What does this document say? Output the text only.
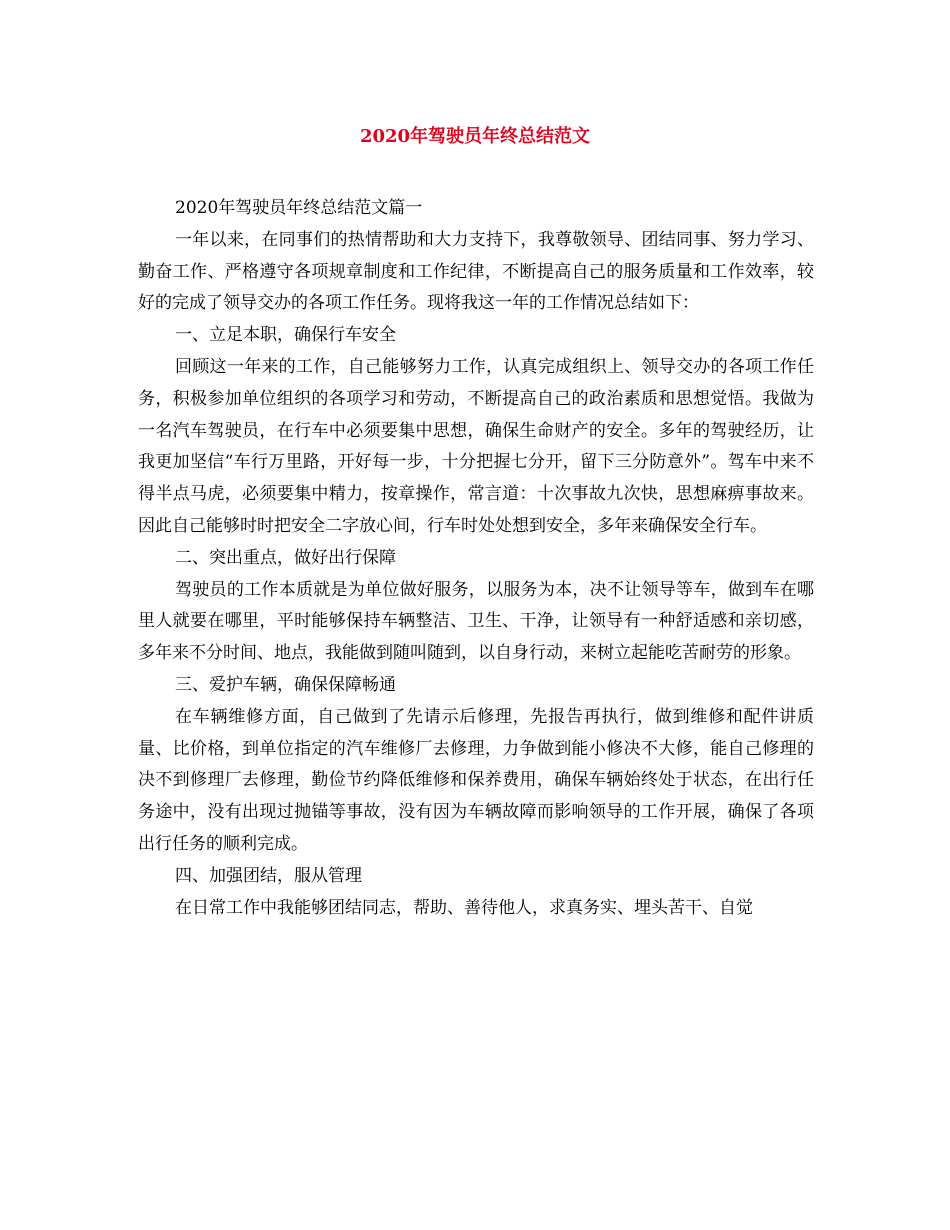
2020年驾驶员年终总结范文

2020年驾驶员年终总结范文篇一

一年以来，在同事们的热情帮助和大力支持下，我尊敬领导、团结同事、努力学习、勤奋工作、严格遵守各项规章制度和工作纪律，不断提高自己的服务质量和工作效率，较好的完成了领导交办的各项工作任务。现将我这一年的工作情况总结如下：

一、立足本职，确保行车安全

回顾这一年来的工作，自己能够努力工作，认真完成组织上、领导交办的各项工作任务，积极参加单位组织的各项学习和劳动，不断提高自己的政治素质和思想觉悟。我做为一名汽车驾驶员，在行车中必须要集中思想，确保生命财产的安全。多年的驾驶经历，让我更加坚信“车行万里路，开好每一步，十分把握七分开，留下三分防意外”。驾车中来不得半点马虎，必须要集中精力，按章操作，常言道：十次事故九次快，思想麻痹事故来。因此自己能够时时把安全二字放心间，行车时处处想到安全，多年来确保安全行车。

二、突出重点，做好出行保障

驾驶员的工作本质就是为单位做好服务，以服务为本，决不让领导等车，做到车在哪里人就要在哪里，平时能够保持车辆整洁、卫生、干净，让领导有一种舒适感和亲切感，多年来不分时间、地点，我能做到随叫随到，以自身行动，来树立起能吃苦耐劳的形象。

三、爱护车辆，确保保障畅通

在车辆维修方面，自己做到了先请示后修理，先报告再执行，做到维修和配件讲质量、比价格，到单位指定的汽车维修厂去修理，力争做到能小修决不大修，能自己修理的决不到修理厂去修理，勤俭节约降低维修和保养费用，确保车辆始终处于状态，在出行任务途中，没有出现过抛锚等事故，没有因为车辆故障而影响领导的工作开展，确保了各项出行任务的顺利完成。

四、加强团结，服从管理

在日常工作中我能够团结同志，帮助、善待他人，求真务实、埋头苦干、自觉
